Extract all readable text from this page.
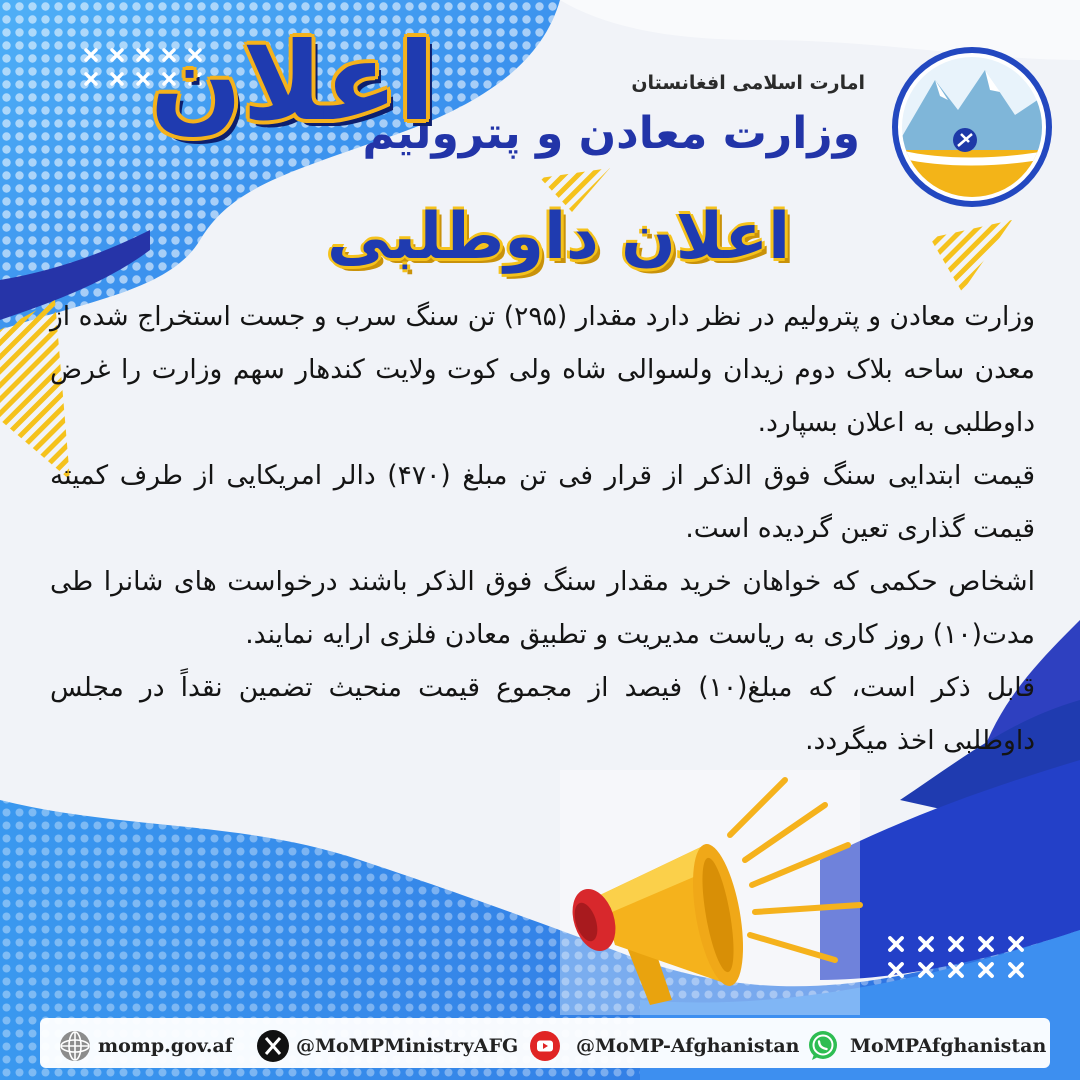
امارت اسلامی افغانستان
وزارت معادن و پترولیم
اعلان
اعلان داوطلبی

وزارت معادن و پترولیم در نظر دارد مقدار (۲۹۵) تن سنگ سرب و جست استخراج شده از معدن ساحه بلاک دوم زیدان ولسوالی شاه ولی کوت ولایت کندهار سهم وزارت را غرض داوطلبی به اعلان بسپارد.

قیمت ابتدایی سنگ فوق الذکر از قرار فی تن مبلغ (۴۷۰) دالر امریکایی از طرف کمیته قیمت گذاری تعین گردیده است.

اشخاص حکمی که خواهان خرید مقدار سنگ فوق الذکر باشند درخواست های شانرا طی مدت(۱۰) روز کاری به ریاست مدیریت و تطبیق معادن فلزی ارایه نمایند.

قابل ذکر است، که مبلغ(۱۰) فیصد از مجموع قیمت منحیث تضمین نقداً در مجلس داوطلبی اخذ میگردد.

momp.gov.af	@MoMPMinistryAFG	@MoMP-Afghanistan	MoMPAfghanistan
